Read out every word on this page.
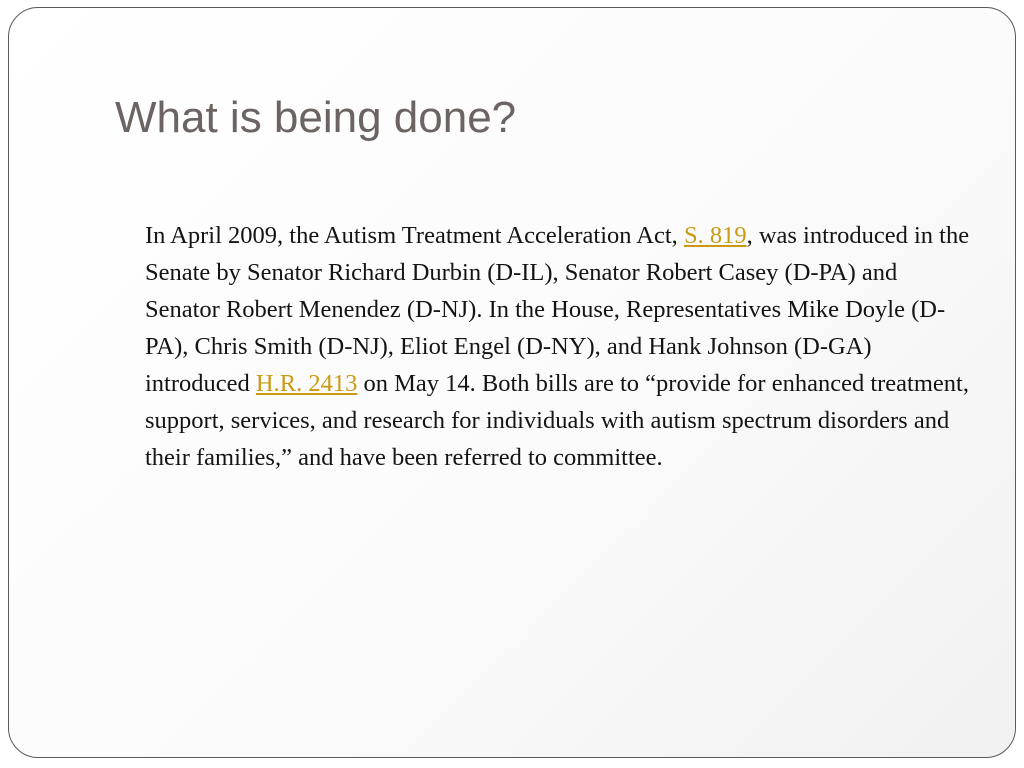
What is being done?

In April 2009, the Autism Treatment Acceleration Act, S. 819, was introduced in the Senate by Senator Richard Durbin (D-IL), Senator Robert Casey (D-PA) and Senator Robert Menendez (D-NJ). In the House, Representatives Mike Doyle (D-PA), Chris Smith (D-NJ), Eliot Engel (D-NY), and Hank Johnson (D-GA) introduced H.R. 2413 on May 14. Both bills are to “provide for enhanced treatment, support, services, and research for individuals with autism spectrum disorders and their families,” and have been referred to committee.
